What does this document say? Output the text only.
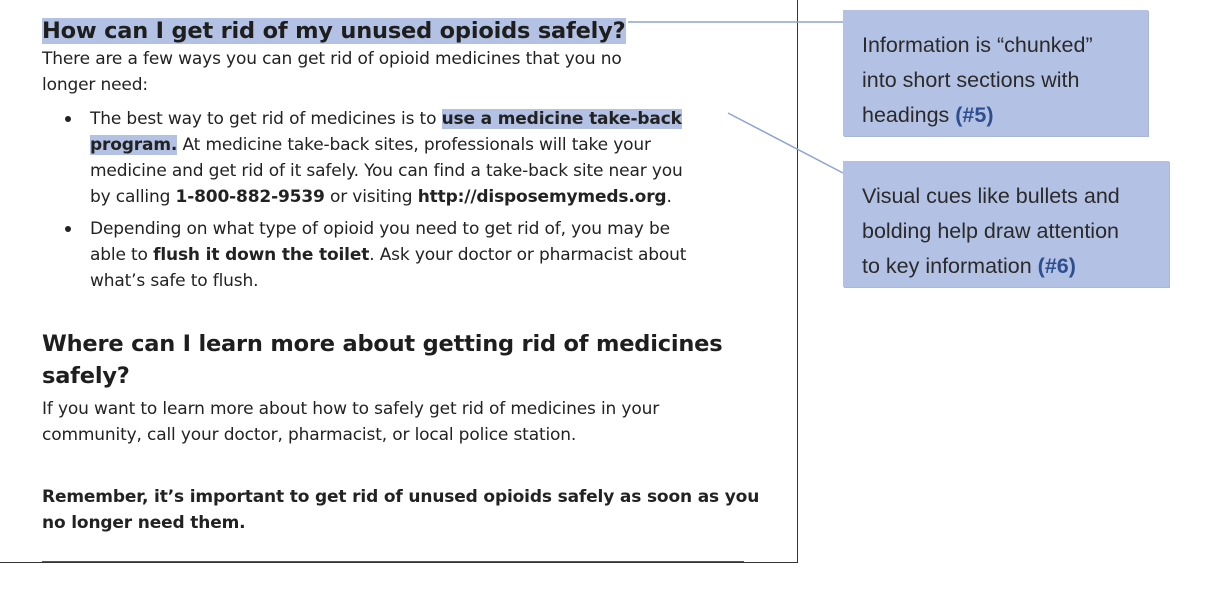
How can I get rid of my unused opioids safely?
There are a few ways you can get rid of opioid medicines that you no
longer need:
The best way to get rid of medicines is to use a medicine take-back
program. At medicine take-back sites, professionals will take your
medicine and get rid of it safely. You can find a take-back site near you
by calling 1-800-882-9539 or visiting http://disposemymeds.org.
Depending on what type of opioid you need to get rid of, you may be
able to flush it down the toilet. Ask your doctor or pharmacist about
what’s safe to flush.
Where can I learn more about getting rid of medicines safely?
If you want to learn more about how to safely get rid of medicines in your
community, call your doctor, pharmacist, or local police station.
Remember, it’s important to get rid of unused opioids safely as soon as you
no longer need them.
Information is “chunked”
into short sections with
headings (#5)
Visual cues like bullets and
bolding help draw attention
to key information (#6)
